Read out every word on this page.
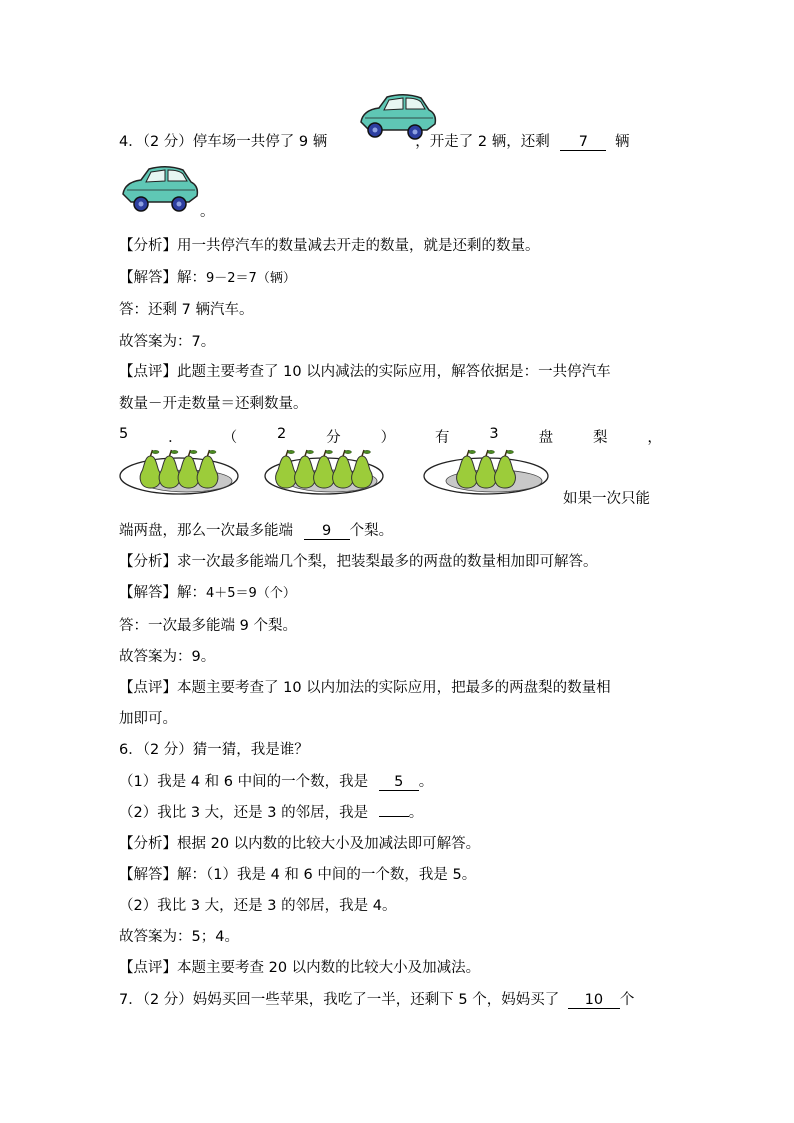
4．（2 分）停车场一共停了 9 辆	，开走了 2 辆，还剩 7 辆
。
【分析】用一共停汽车的数量减去开走的数量，就是还剩的数量。
【解答】解：9－2＝7（辆）
答：还剩 7 辆汽车。
故答案为：7。
【点评】此题主要考查了 10 以内减法的实际应用，解答依据是：一共停汽车
数量－开走数量＝还剩数量。
5	．	（	2	分	）	有	3	盘	梨	，
如果一次只能
端两盘，那么一次最多能端 9 个梨。
【分析】求一次最多能端几个梨，把装梨最多的两盘的数量相加即可解答。
【解答】解：4＋5＝9（个）
答：一次最多能端 9 个梨。
故答案为：9。
【点评】本题主要考查了 10 以内加法的实际应用，把最多的两盘梨的数量相
加即可。
6．（2 分）猜一猜，我是谁？
（1）我是 4 和 6 中间的一个数，我是 5 。
（2）我比 3 大，还是 3 的邻居，我是	。
【分析】根据 20 以内数的比较大小及加减法即可解答。
【解答】解：（1）我是 4 和 6 中间的一个数，我是 5。
（2）我比 3 大，还是 3 的邻居，我是 4。
故答案为：5；4。
【点评】本题主要考查 20 以内数的比较大小及加减法。
7．（2 分）妈妈买回一些苹果，我吃了一半，还剩下 5 个，妈妈买了 10 个
